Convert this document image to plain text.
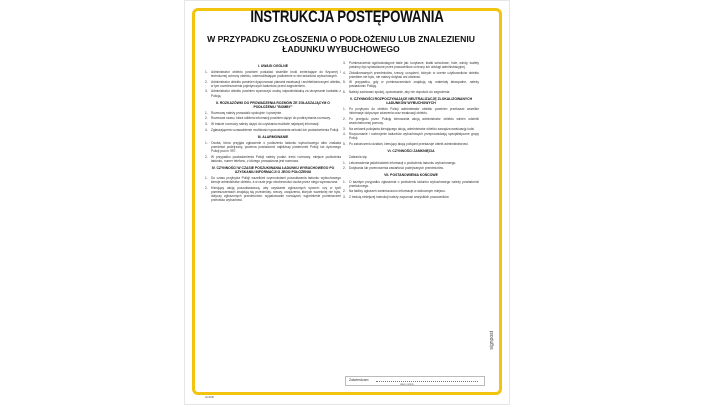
INSTRUKCJA POSTĘPOWANIA
W PRZYPADKU ZGŁOSZENIA O PODŁOŻENIU LUB ZNALEZIENIU ŁADUNKU WYBUCHOWEGO
I. UWAGI OGÓLNE
1.	Administrator obiektu powinien posiadać wszelkie kroki zmierzające do fizycznej i technicznej ochrony obiektu, uniemożliwiające podłożenie w nim ładunków wybuchowych.
2.	Administrator obiektu powinien dysponować planami ewakuacji i architektonicznymi obiektu, w tym rozmieszczenia pojedynczych ładunków przed zagrożeniem.
3.	Administrator obiektu powinien wyznaczyć osobę odpowiedzialną za utrzymanie kontaktu z Policją.
II. ROZKAZÓWKI DO PROWADZENIA ROZMÓW ZE ZGŁASZAJĄCYM O PODŁOŻENIU "BOMBY"
1.	Rozmowę należy prowadzić spokojnie i uprzejmie.
2.	Rozmowa czasu, która odbiera informacji powinien dążyć do podtrzymania rozmowy.
3.	W trakcie rozmowy należy dążyć do uzyskania możliwie najwięcej informacji.
4.	Zgłaszającemu uzasadnienie możliwości spowodowania wnioski lub powiadomienia Policji.
III. ALARMOWANIE
1.	Osoba, która przyjęła zgłoszenie o podłożeniu ładunku wybuchowego albo znalazła przedmiot podejrzany, powinna powiadomić najbliższy posterunek Policji lub dyżurnego Policji pod nr 997.
2.	W przypadku powiadomienia Policji należy podać: treść rozmowy, miejsce podłożenia ładunku, numer telefonu, z którego prowadzona jest rozmowa.
IV. CZYNNOŚCI W CZASIE POSZUKIWANIA ŁADUNKU WYBUCHOWEGO PO UZYSKANIU INFORMACJI O JEGO POŁOŻENIU
1.	Do czasu przybycia Policji wszelkimi czynnościami poszukiwania ładunku wybuchowego kieruje administrator obiektu, a w razie jego nieobecności osoba przez niego wyznaczona.
2.	Kierujący akcją poszukiwawczą, aby uzyskanie zgłoszonych spoceń: czy w tych pomieszczeniach znajdują się przedmioty, rzeczy, urządzenia, których wcześniej nie było, dotyczy zgłoszonych przedmiotów: wypakowanie rozwiązań, wypełnienie pomieszczeń przeciwko wybuchowi.
3.	Pomieszczenia ogólnodostępne takie jak: korytarze, klatki schodowe, hole, windy, toalety powinny być sprawdzone przez pracowników ochrony lub obsługi administracyjnej.
4.	Zlokalizowanych przedmiotów, rzeczy, urządzeń, których w ocenie użytkowników obiektu przedtem nie było, nie należy dotykać ani otwierać.
5.	W przypadku, gdy w pomieszczeniach znajdują się materiały łatwopalne, należy powiadomić Policję.
6.	Należy zachować spokój, opanowanie, aby nie dopuścić do zagrożenia.
V. CZYNNOŚCI ROZPOCZYNAJĄCE NEUTRALIZACJĘ ZLOKALIZOWANYCH ŁADUNKÓW WYBUCHOWYCH
1.	Po przybyciu do obiektu Policji administrator obiektu powinien przekazać wszelkie informacje dotyczące zdarzenia oraz ewakuacji obiektu.
2.	Po przejęciu przez Policję kierowania akcją administrator obiektu winien udzielić wszechstronnej pomocy.
3.	Na wniosek policjanta kierującego akcją, administrator obiektu zarządza ewakuację ludzi.
4.	Rozpoznanie i rozbrojenie ładunków wybuchowych przeprowadzają specjalistyczne grupy Policji.
5.	Po zakończeniu działań, kierujący akcją policjant przekazuje obiekt administratorowi.
VI. CZYNNOŚCI ZAMKNIĘCIA
Zabrania się:
1.	Lekceważenia jakichkolwiek informacji o podłożeniu ładunku wybuchowego.
2.	Dotykania lub przenoszenia zawartości podejrzanych przedmiotów.
VII. POSTANOWIENIA KOŃCOWE
1.	O każdym przypadku zgłoszenia o podłożeniu ładunku wybuchowego należy powiadomić przełożonego.
2.	Na tablicy ogłoszeń zamieszczono informacje w widocznym miejscu.
3.	Z treścią niniejszej instrukcji należy zapoznać wszystkich pracowników.
Zatwierdzam
data i podpis
IA 028
signpost
